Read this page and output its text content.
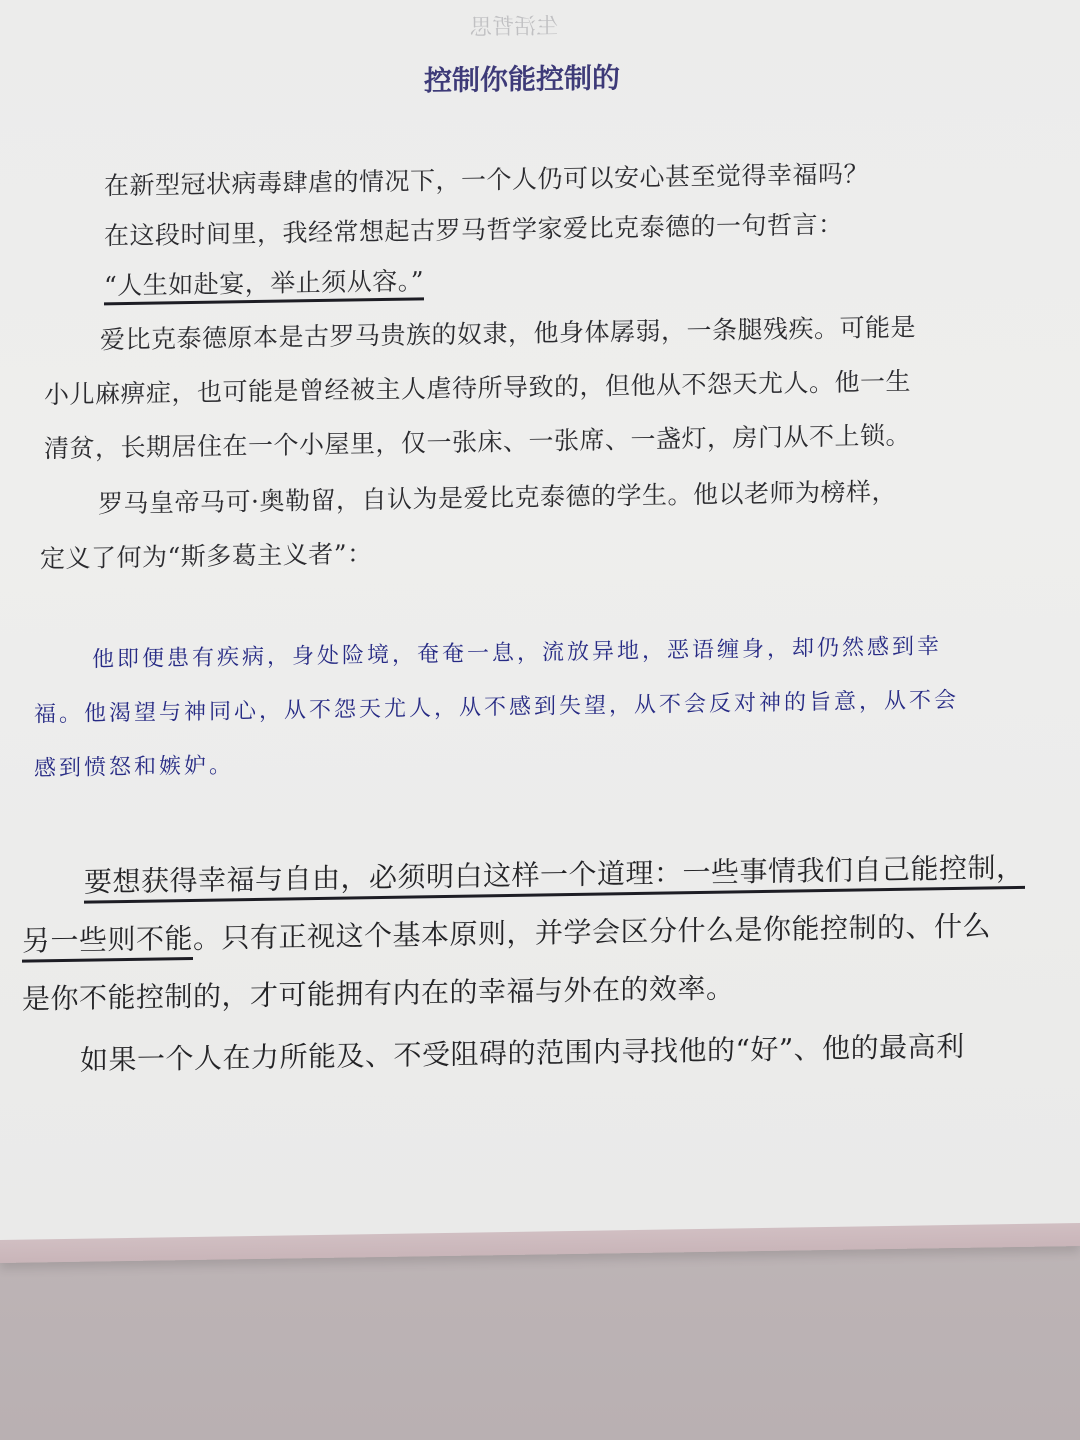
生活哲思
控制你能控制的
在新型冠状病毒肆虐的情况下，一个人仍可以安心甚至觉得幸福吗？
在这段时间里，我经常想起古罗马哲学家爱比克泰德的一句哲言：
“人生如赴宴，举止须从容。”
爱比克泰德原本是古罗马贵族的奴隶，他身体孱弱，一条腿残疾。可能是
小儿麻痹症，也可能是曾经被主人虐待所导致的，但他从不怨天尤人。他一生
清贫，长期居住在一个小屋里，仅一张床、一张席、一盏灯，房门从不上锁。
罗马皇帝马可·奥勒留，自认为是爱比克泰德的学生。他以老师为榜样，
定义了何为“斯多葛主义者”：
他即便患有疾病，身处险境，奄奄一息，流放异地，恶语缠身，却仍然感到幸
福。他渴望与神同心，从不怨天尤人，从不感到失望，从不会反对神的旨意，从不会
感到愤怒和嫉妒。
要想获得幸福与自由，必须明白这样一个道理：一些事情我们自己能控制，
另一些则不能。只有正视这个基本原则，并学会区分什么是你能控制的、什么
是你不能控制的，才可能拥有内在的幸福与外在的效率。
如果一个人在力所能及、不受阻碍的范围内寻找他的“好”、他的最高利
